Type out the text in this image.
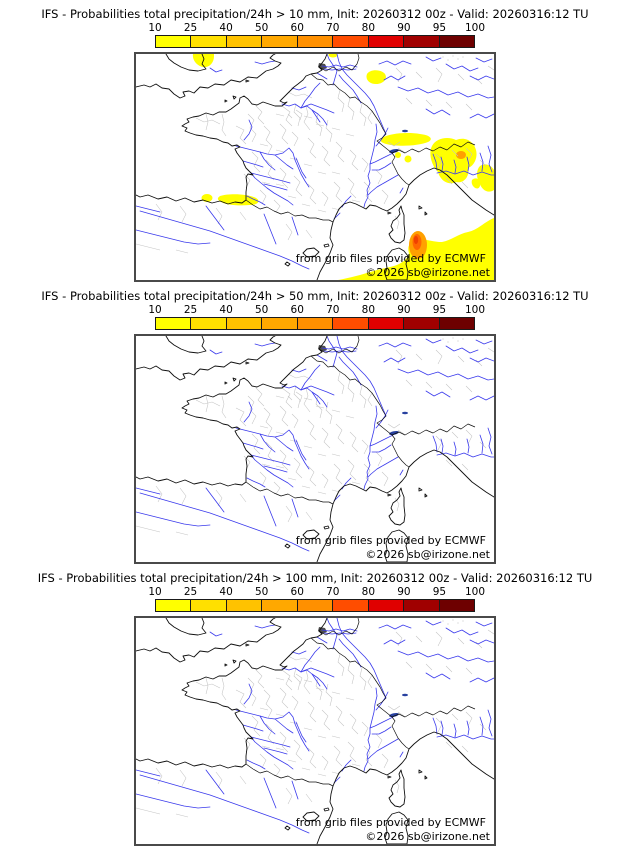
IFS - Probabilities total precipitation/24h > 10 mm, Init: 20260312 00z - Valid: 20260316:12 TU
10 25 40 50 60 70 80 90 95 100
from grib files provided by ECMWF
©2026 sb@irizone.net
IFS - Probabilities total precipitation/24h > 50 mm, Init: 20260312 00z - Valid: 20260316:12 TU
10 25 40 50 60 70 80 90 95 100
from grib files provided by ECMWF
©2026 sb@irizone.net
IFS - Probabilities total precipitation/24h > 100 mm, Init: 20260312 00z - Valid: 20260316:12 TU
10 25 40 50 60 70 80 90 95 100
from grib files provided by ECMWF
©2026 sb@irizone.net
